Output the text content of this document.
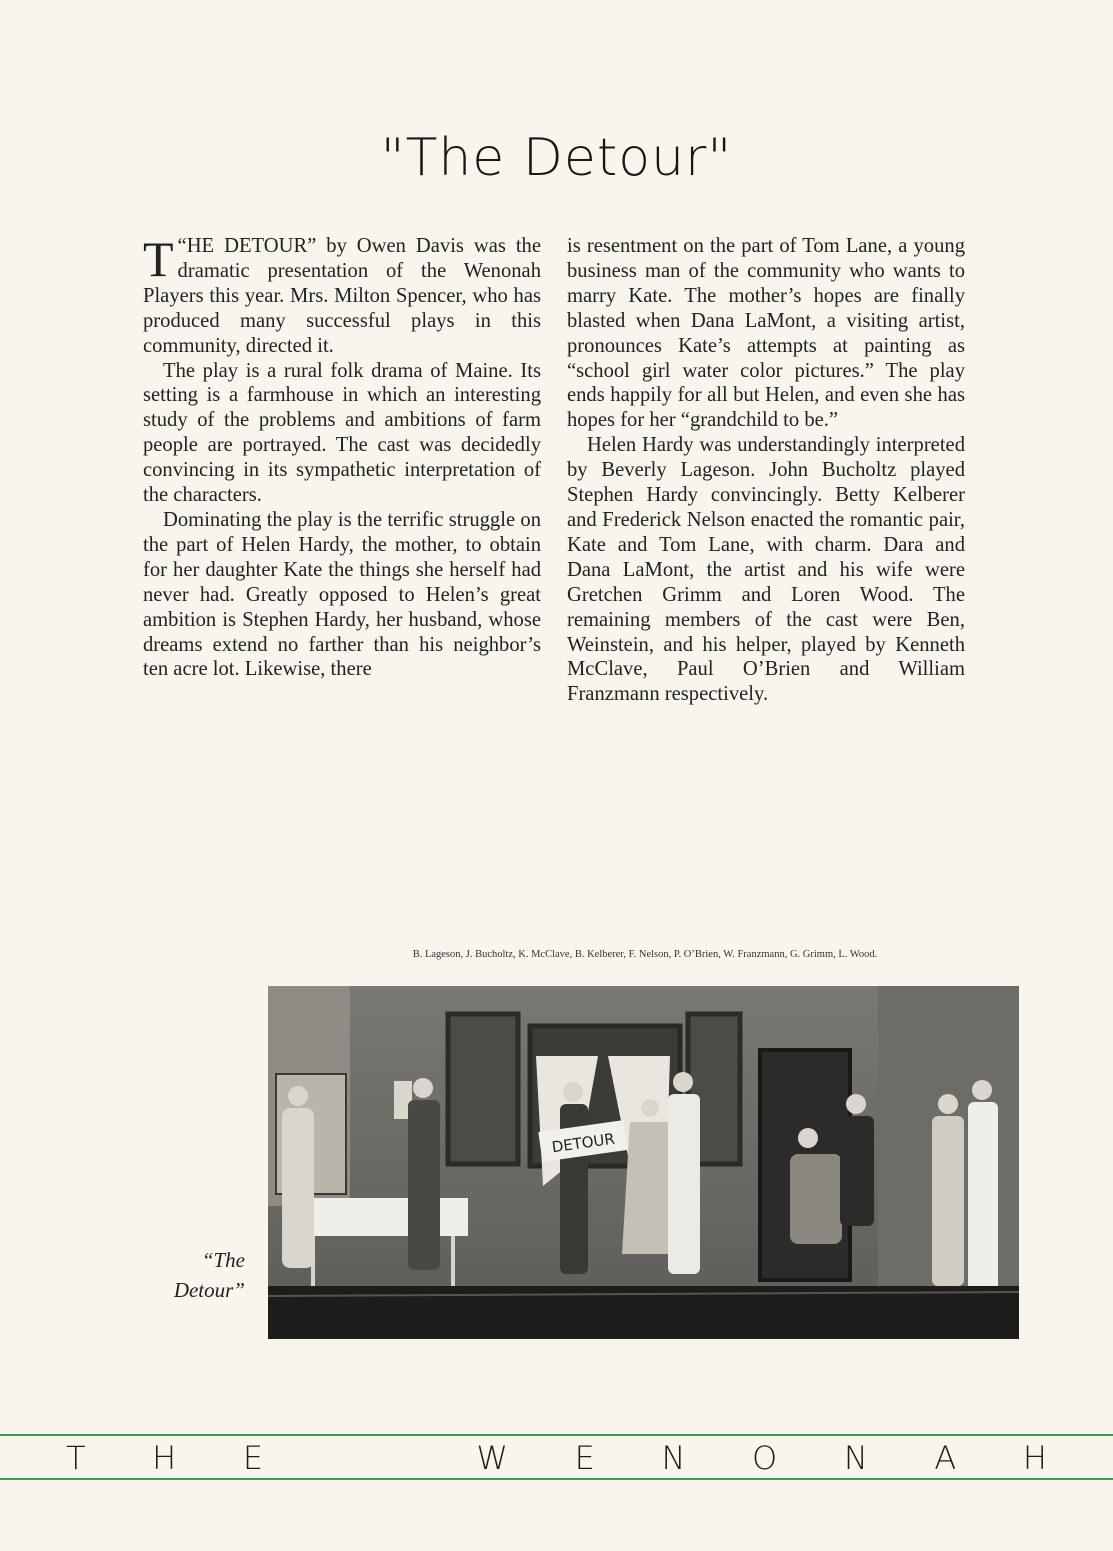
"The Detour"

“
T HE DETOUR” by Owen Davis was the dramatic presentation of the Wenonah Players this year. Mrs. Milton Spencer, who has produced many successful plays in this community, directed it.

The play is a rural folk drama of Maine. Its setting is a farmhouse in which an interesting study of the problems and ambitions of farm people are portrayed. The cast was decidedly convincing in its sympathetic interpretation of the characters.

Dominating the play is the terrific struggle on the part of Helen Hardy, the mother, to obtain for her daughter Kate the things she herself had never had. Greatly opposed to Helen’s great ambition is Stephen Hardy, her husband, whose dreams extend no farther than his neighbor’s ten acre lot. Likewise, there

is resentment on the part of Tom Lane, a young business man of the community who wants to marry Kate. The mother’s hopes are finally blasted when Dana LaMont, a visiting artist, pronounces Kate’s attempts at painting as “school girl water color pictures.” The play ends happily for all but Helen, and even she has hopes for her “grandchild to be.”

Helen Hardy was understandingly interpreted by Beverly Lageson. John Bucholtz played Stephen Hardy convincingly. Betty Kelberer and Frederick Nelson enacted the romantic pair, Kate and Tom Lane, with charm. Dara and Dana LaMont, the artist and his wife were Gretchen Grimm and Loren Wood. The remaining members of the cast were Ben, Weinstein, and his helper, played by Kenneth McClave, Paul O’Brien and William Franzmann respectively.

B. Lageson, J. Bucholtz, K. McClave, B. Kelberer, F. Nelson, P. O’Brien, W. Franzmann, G. Grimm, L. Wood.
DETOUR
“The
Detour”
T H E	W E N O N A H
